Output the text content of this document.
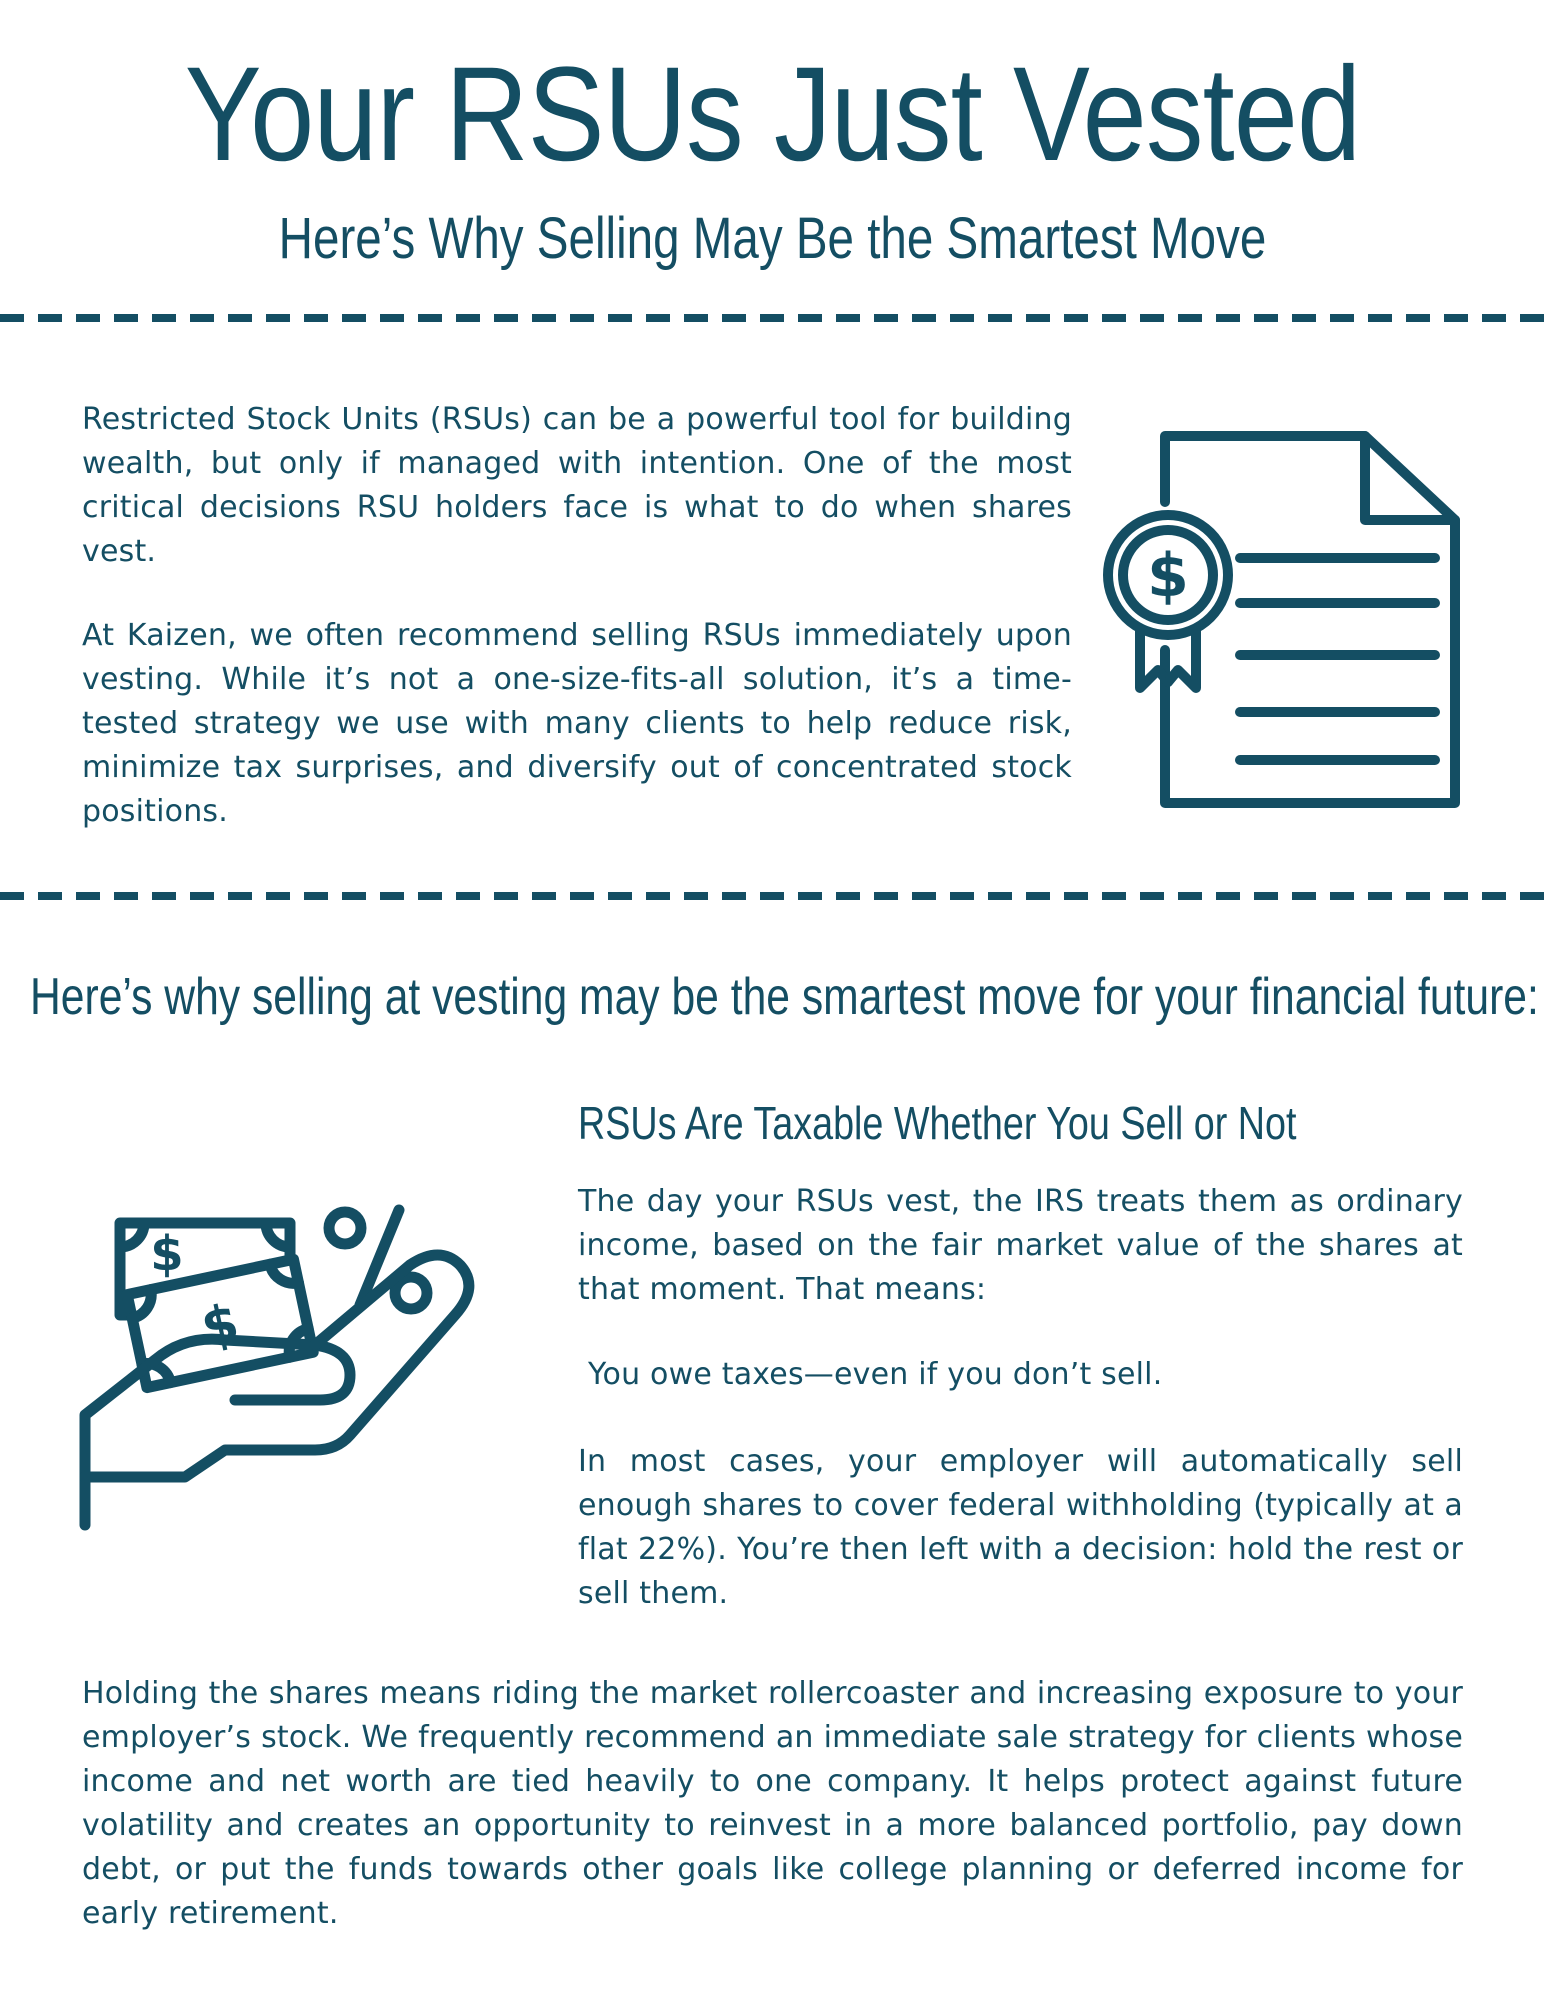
Your RSUs Just Vested
Here’s Why Selling May Be the Smartest Move

Restricted Stock Units (RSUs) can be a powerful tool for building wealth, but only if managed with intention. One of the most critical decisions RSU holders face is what to do when shares vest.

At Kaizen, we often recommend selling RSUs immediately upon vesting. While it’s not a one-size-fits-all solution, it’s a time-tested strategy we use with many clients to help reduce risk, minimize tax surprises, and diversify out of concentrated stock positions.

$
Here’s why selling at vesting may be the smartest move for your financial future:
$
$
RSUs Are Taxable Whether You Sell or Not

The day your RSUs vest, the IRS treats them as ordinary income, based on the fair market value of the shares at that moment. That means:

You owe taxes—even if you don’t sell.

In most cases, your employer will automatically sell enough shares to cover federal withholding (typically at a flat 22%). You’re then left with a decision: hold the rest or sell them.

Holding the shares means riding the market rollercoaster and increasing exposure to your employer’s stock. We frequently recommend an immediate sale strategy for clients whose income and net worth are tied heavily to one company. It helps protect against future volatility and creates an opportunity to reinvest in a more balanced portfolio, pay down debt, or put the funds towards other goals like college planning or deferred income for early retirement.
